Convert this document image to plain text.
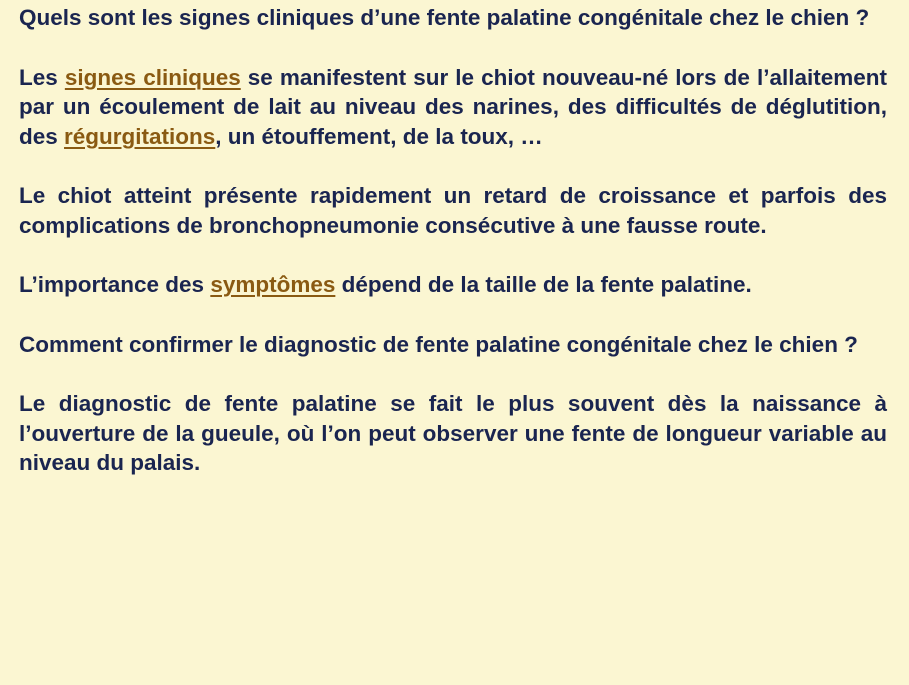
Quels sont les signes cliniques d’une fente palatine congénitale chez le chien ?

Les signes cliniques se manifestent sur le chiot nouveau-né lors de l’allaitement par un écoulement de lait au niveau des narines, des difficultés de déglutition, des régurgitations, un étouffement, de la toux, …

Le chiot atteint présente rapidement un retard de croissance et parfois des complications de bronchopneumonie consécutive à une fausse route.

L’importance des symptômes dépend de la taille de la fente palatine.

Comment confirmer le diagnostic de fente palatine congénitale chez le chien ?

Le diagnostic de fente palatine se fait le plus souvent dès la naissance à l’ouverture de la gueule, où l’on peut observer une fente de longueur variable au niveau du palais.
